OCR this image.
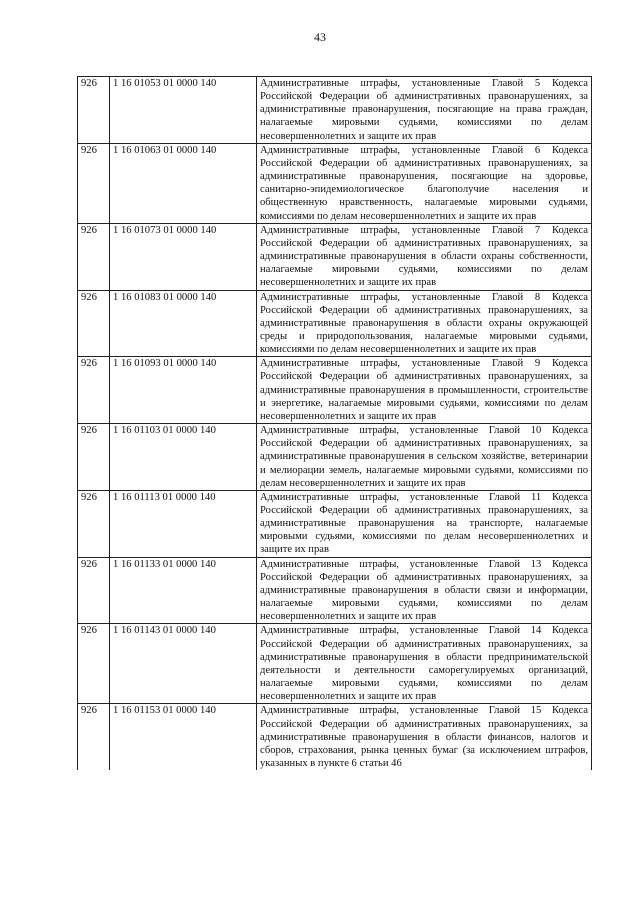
43
926	1 16 01053 01 0000 140	Административные штрафы, установленные Главой 5 Кодекса Российской Федерации об административных правонарушениях, за административные правонарушения, посягающие на права граждан, налагаемые мировыми судьями, комиссиями по делам несовершеннолетних и защите их прав
926	1 16 01063 01 0000 140	Административные штрафы, установленные Главой 6 Кодекса Российской Федерации об административных правонарушениях, за административные правонарушения, посягающие на здоровье, санитарно-эпидемиологическое благополучие населения и общественную нравственность, налагаемые мировыми судьями, комиссиями по делам несовершеннолетних и защите их прав
926	1 16 01073 01 0000 140	Административные штрафы, установленные Главой 7 Кодекса Российской Федерации об административных правонарушениях, за административные правонарушения в области охраны собственности, налагаемые мировыми судьями, комиссиями по делам несовершеннолетних и защите их прав
926	1 16 01083 01 0000 140	Административные штрафы, установленные Главой 8 Кодекса Российской Федерации об административных правонарушениях, за административные правонарушения в области охраны окружающей среды и природопользования, налагаемые мировыми судьями, комиссиями по делам несовершеннолетних и защите их прав
926	1 16 01093 01 0000 140	Административные штрафы, установленные Главой 9 Кодекса Российской Федерации об административных правонарушениях, за административные правонарушения в промышленности, строительстве и энергетике, налагаемые мировыми судьями, комиссиями по делам несовершеннолетних и защите их прав
926	1 16 01103 01 0000 140	Административные штрафы, установленные Главой 10 Кодекса Российской Федерации об административных правонарушениях, за административные правонарушения в сельском хозяйстве, ветеринарии и мелиорации земель, налагаемые мировыми судьями, комиссиями по делам несовершеннолетних и защите их прав
926	1 16 01113 01 0000 140	Административные штрафы, установленные Главой 11 Кодекса Российской Федерации об административных правонарушениях, за административные правонарушения на транспорте, налагаемые мировыми судьями, комиссиями по делам несовершеннолетних и защите их прав
926	1 16 01133 01 0000 140	Административные штрафы, установленные Главой 13 Кодекса Российской Федерации об административных правонарушениях, за административные правонарушения в области связи и информации, налагаемые мировыми судьями, комиссиями по делам несовершеннолетних и защите их прав
926	1 16 01143 01 0000 140	Административные штрафы, установленные Главой 14 Кодекса Российской Федерации об административных правонарушениях, за административные правонарушения в области предпринимательской деятельности и деятельности саморегулируемых организаций, налагаемые мировыми судьями, комиссиями по делам несовершеннолетних и защите их прав
926	1 16 01153 01 0000 140	Административные штрафы, установленные Главой 15 Кодекса Российской Федерации об административных правонарушениях, за административные правонарушения в области финансов, налогов и сборов, страхования, рынка ценных бумаг (за исключением штрафов, указанных в пункте 6 статьи 46
